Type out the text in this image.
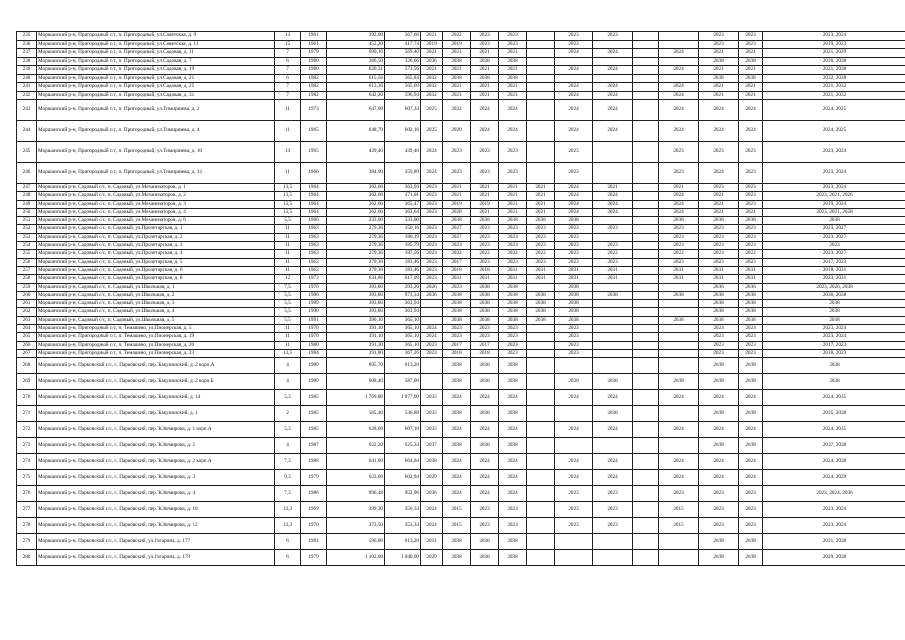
235	Моршанский р-н, Пригородный с/с, п. Пригородный, ул.Советская, д. 9	13	1961	392,00	367,66	2021	2022	2023	2023		2023	2023			2023	2023	2023, 2024
236	Моршанский р-н, Пригородный с/с, п. Пригородный, ул.Советская, д. 11	15	1961	452,20	417,74	2019	2019	2023	2023		2023				2023	2023	2019, 2023
237	Моршанский р-н, Пригородный с/с, п. Пригородный, ул.Садовая, д. 11	7	1979	690,16	569,40	2021	2021	2021	2021		2024	2024		2024	2021	2021	2021, 2029
238	Моршанский р-н, Пригородный с/с, п. Пригородный, ул.Садовая, д. 7	6	1980	386,50	326,66	2036	2038	2038	2038						2038	2038	2036, 2038
239	Моршанский р-н, Пригородный с/с, п. Пригородный, ул.Садовая, д. 19	7	1980	620,31	573,56	2021	2021	2021	2021		2024	2024		2024	2021	2021	2021, 2038
240	Моршанский р-н, Пригородный с/с, п. Пригородный, ул.Садовая, д. 21	6	1982	615,56	365,84	2032	2038	2038	2038						2038	2038	2032, 2038
241	Моршанский р-н, Пригородный с/с, п. Пригородный, ул.Садовая, д. 25	7	1982	613,36	565,69	2032	2021	2021	2021		2024	2024		2024	2021	2021	2021, 2032
242	Моршанский р-н, Пригородный с/с, п. Пригородный, ул.Садовая, д. 31	7	1982	642,20	596,94	2032	2021	2021	2021		2024	2024		2024	2021	2021	2021, 2032
243	Моршанский р-н, Пригородный с/с, п. Пригородный, ул.Тимирязева, д. 2	11	1973	647,00	607,34	2025	2022	2024	2024		2024	2024		2024	2024	2024	2024, 2025
244	Моршанский р-н, Пригородный с/с, п. Пригородный, ул.Тимирязева, д. 4	11	1965	648,70	602,16	2025	2020	2024	2024		2024	2024		2024	2024	2024	2024, 2025
245	Моршанский р-н, Пригородный с/с, п. Пригородный, ул.Тимирязева, д. 10	13	1965	439,40	439,40	2024	2023	2023	2023		2023			2023	2023	2023	2023, 2024
246	Моршанский р-н, Пригородный с/с, п. Пригородный, ул.Тимирязева, д. 12	11	1966	384,90	359,89	2024	2023	2023	2023		2023			2023	2024	2023	2023, 2024
247	Моршанский р-н, Садовый с/с, п. Садовый, ул.Механизаторов, д. 1	13,5	1964	362,60	363,94	2023	2021	2021	2021	2021	2024	2021		2021	2023	2023	2023, 2024
248	Моршанский р-н, Садовый с/с, п. Садовый, ул.Механизаторов, д. 2	13,5	1964	362,60	371,01	2023	2021	2021	2021	2021	2024	2024		2024	2021	2023	2023, 2021, 2026
249	Моршанский р-н, Садовый с/с, п. Садовый, ул.Механизаторов, д. 3	13,5	1964	362,60	365,47	2023	2019	2019	2021	2021	2024	2024		2024	2021	2023	2019, 2024
250	Моршанский р-н, Садовый с/с, п. Садовый, ул.Механизаторов, д. 4	13,5	1964	362,60	363,64	2023	2028	2021	2021	2021	2024	2024		2024	2021	2021	2023, 2021, 2028
251	Моршанский р-н, Садовый с/с, п. Садовый, ул.Механизаторов, д. 6	5,5	1986	333,00	333,00		2038	2038	2038	2038	2038			2038	2038	2038	2038
252	Моршанский р-н, Садовый с/с, п. Садовый, ул.Пролетарская, д. 1	11	1963	279,36	150,16	2023	2027	2023	2023	2023	2023	2023		2023	2023	2023	2023, 2027
253	Моршанский р-н, Садовый с/с, п. Садовый, ул.Пролетарская, д. 2	11	1963	279,36	180,19	2023	2027	2023	2023	2023	2023			2023	2023	2023	2023, 2027
254	Моршанский р-н, Садовый с/с, п. Садовый, ул.Пролетарская, д. 3	11	1963	279,36	185,79	2023	2023	2023	2023	2023	2023	2023		2023	2023	2023	2023
255	Моршанский р-н, Садовый с/с, п. Садовый, ул.Пролетарская, д. 4	11	1963	279,36	187,56	2023	2022	2022	2022	2022	2023	2022		2022	2023	2022	2023, 2027
256	Моршанский р-н, Садовый с/с, п. Садовый, ул.Пролетарская, д. 5	11	1963	279,36	181,46	2023	2017	2023	2023	2023	2023	2023		2023	2023	2023	2017, 2023
257	Моршанский р-н, Садовый с/с, п. Садовый, ул.Пролетарская, д. 6	11	1963	279,36	181,46	2023	2018	2018	2031	2031	2031	2031		2031	2031	2031	2018, 2031
258	Моршанский р-н, Садовый с/с, п. Садовый, ул.Пролетарская, д. 8	12	1973	634,86	617,09	2023	2031	2031	2031	2031	2031	2031		2031	2031	2031	2023, 2031
259	Моршанский р-н, Садовый с/с, п. Садовый, ул.Школьная, д. 1	7,5	1976	393,80	393,20	2026	2023	2038	2038		2038				2036	2036	2023, 2026, 2038
260	Моршанский р-н, Садовый с/с, п. Садовый, ул.Школьная, д. 2	5,5	1986	393,80	973,34	2036	2038	2038	2038	2038	2038	2038		2038	2038	2038	2036, 2038
261	Моршанский р-н, Садовый с/с, п. Садовый, ул.Школьная, д. 3	5,5	1989	393,80	363,94		2038	2038	2038	2038	2038				2038	2038	2038
262	Моршанский р-н, Садовый с/с, п. Садовый, ул.Школьная, д. 4	5,5	1990	393,80	363,94		2038	2038	2038	2038	2038				2038	2038	2038
263	Моршанский р-н, Садовый с/с, п. Садовый, ул.Школьная, д. 5	5,5	1991	390,10	365,10		2038	2038	2038	2038	2038			2038	2038	2038	2038
264	Моршанский р-н, Пригородный с/с, п. Темашево, ул.Пионерская, д. 5	11	1970	391,10	365,10	2024	2023	2023	2023		2023				2023	2023	2023, 2024
265	Моршанский р-н, Пригородный с/с, п. Темашево, ул.Пионерская, д. 19	11	1970	391,10	365,10	2024	2023	2023	2023		2023				2023	2023	2023, 2024
266	Моршанский р-н, Пригородный с/с, п. Темашево, ул.Пионерская, д. 20	11	1980	391,30	365,10	2023	2017	2017	2023		2023				2023	2023	2017, 2023
267	Моршанский р-н, Пригородный с/с, п. Темашево, ул.Пионерская, д. 23	13,5	1984	391,80	367,26	2023	2018	2018	2023		2023				2023	2023	2018, 2023
268	Моршанский р-н, Парковский с/с, с. Парковский, пер. Бакунинский, д. 2 корп.А	4	1989	895,70	613,20		2038	2038	2038						2038	2038	2038
269	Моршанский р-н, Парковский с/с, с. Парковский, пер. Бакунинский, д. 2 корп.Б	4	1989	608,40	587,06		2038	2038	2038		2038	2038		2038	2038	2038	2038
270	Моршанский р-н, Парковский с/с, с. Парковский, пер. Бакунинский, д. 14	5,3	1985	1 769,80	1 077,00	2035	2024	2024	2024		2024	2024		2024	2024	2024	2024, 2035
271	Моршанский р-н, Парковский с/с, с. Парковский, пер. Бакунинский, д. 1	2	1985	565,40	536,88	2035	2038	2038	2038			2038			2038	2038	2035, 2038
272	Моршанский р-н, Парковский с/с, с. Парковский, пер. К.Кемирова, д. 1 корп.А	5,3	1985	628,60	607,10	2035	2024	2024	2024		2024	2024		2024	2024	2024	2024, 2035
273	Моршанский р-н, Парковский с/с, с. Парковский, пер. К.Кемирова, д. 2	4	1987	622,20	625,34	2037	2038	2038	2038						2038	2038	2037, 2038
274	Моршанский р-н, Парковский с/с, с. Парковский, пер. К.Кемирова, д. 2 корп.А	7,3	1988	641,00	664,04	2038	2024	2024	2024		2024	2024		2024	2024	2024	2024, 2038
275	Моршанский р-н, Парковский с/с, с. Парковский, пер. К.Кемирова, д. 3	9,3	1979	623,60	602,94	2029	2024	2024	2024		2024	2024		2024	2024	2024	2024, 2029
276	Моршанский р-н, Парковский с/с, с. Парковский, пер. К.Кемирова, д. 4	7,3	1986	996,48	952,96	2036	2024	2024	2024		2023	2023		2023	2023	2023	2023, 2024, 2036
277	Моршанский р-н, Парковский с/с, с. Парковский, пер. К.Кемирова, д. 10	13,3	1969	399,30	350,34	2024	2015	2023	2023		2023	2023		2015	2023	2023	2023, 2024
278	Моршанский р-н, Парковский с/с, с. Парковский, пер. К.Кемирова, д. 12	13,3	1970	373,50	353,34	2024	2015	2023	2023		2023	2023		2015	2023	2023	2023, 2024
279	Моршанский р-н, Парковский с/с, с. Парковский, ул.Гагарина, д. 177	6	1981	596,80	613,20	2031	2038	2038	2038						2038	2038	2031, 2038
280	Моршанский р-н, Парковский с/с, с. Парковский, ул.Гагарина, д. 179	6	1979	1 102,00	1 040,00	2029	2038	2038	2038						2038	2038	2029, 2038
